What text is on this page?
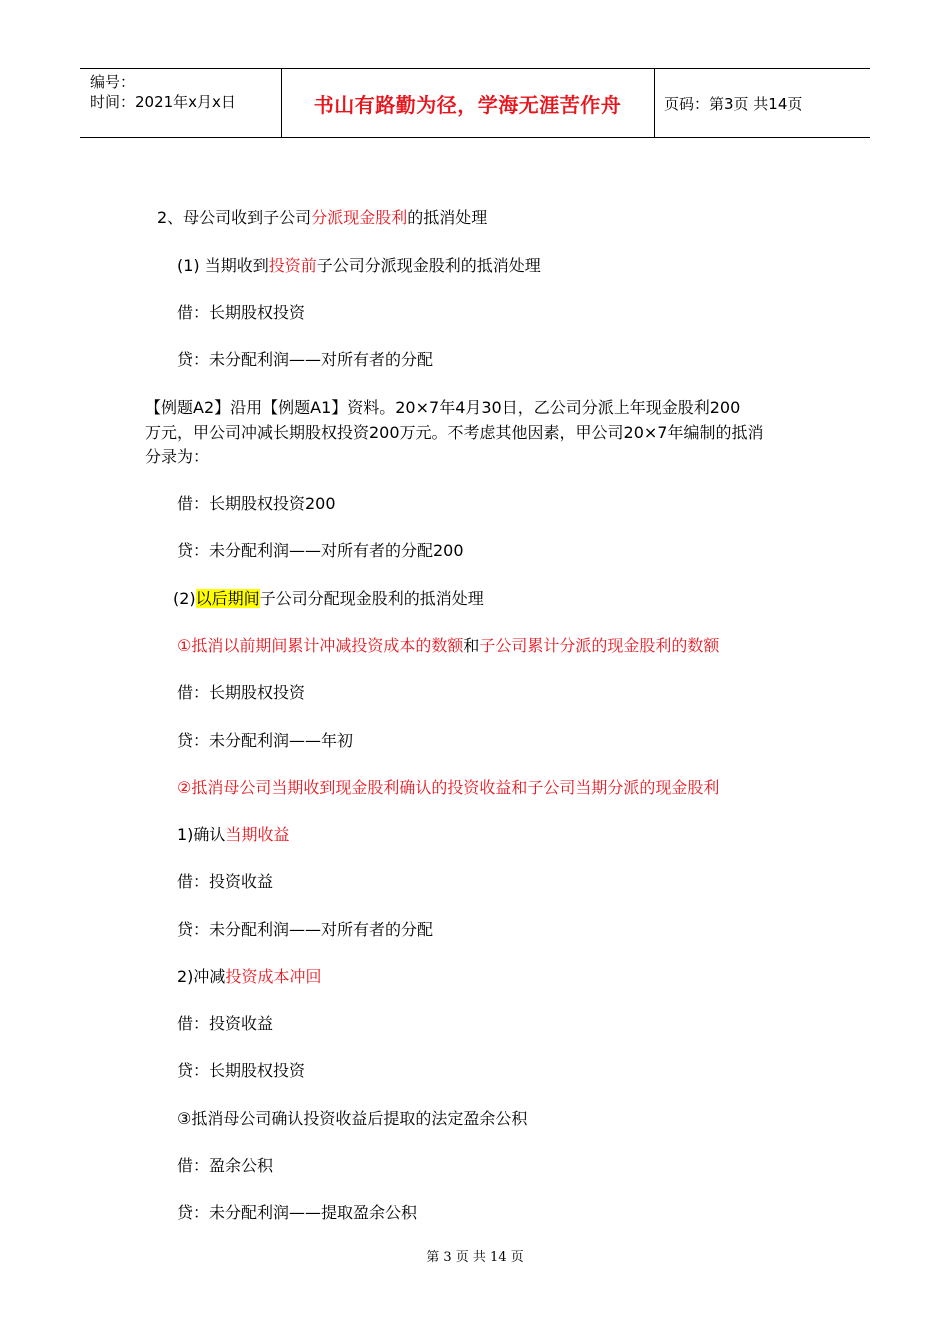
编号：
时间：2021年x月x日	书山有路勤为径，学海无涯苦作舟	页码：第3页 共14页
2、母公司收到子公司分派现金股利的抵消处理
(1) 当期收到投资前子公司分派现金股利的抵消处理
借：长期股权投资
贷：未分配利润——对所有者的分配
【例题A2】沿用【例题A1】资料。20×7年4月30日，乙公司分派上年现金股利200
万元，甲公司冲减长期股权投资200万元。不考虑其他因素，甲公司20×7年编制的抵消
分录为：
借：长期股权投资200
贷：未分配利润——对所有者的分配200
(2)以后期间子公司分配现金股利的抵消处理
①抵消以前期间累计冲减投资成本的数额和子公司累计分派的现金股利的数额
借：长期股权投资
贷：未分配利润——年初
②抵消母公司当期收到现金股利确认的投资收益和子公司当期分派的现金股利
1)确认当期收益
借：投资收益
贷：未分配利润——对所有者的分配
2)冲减投资成本冲回
借：投资收益
贷：长期股权投资
③抵消母公司确认投资收益后提取的法定盈余公积
借：盈余公积
贷：未分配利润——提取盈余公积
第 3 页 共 14 页
